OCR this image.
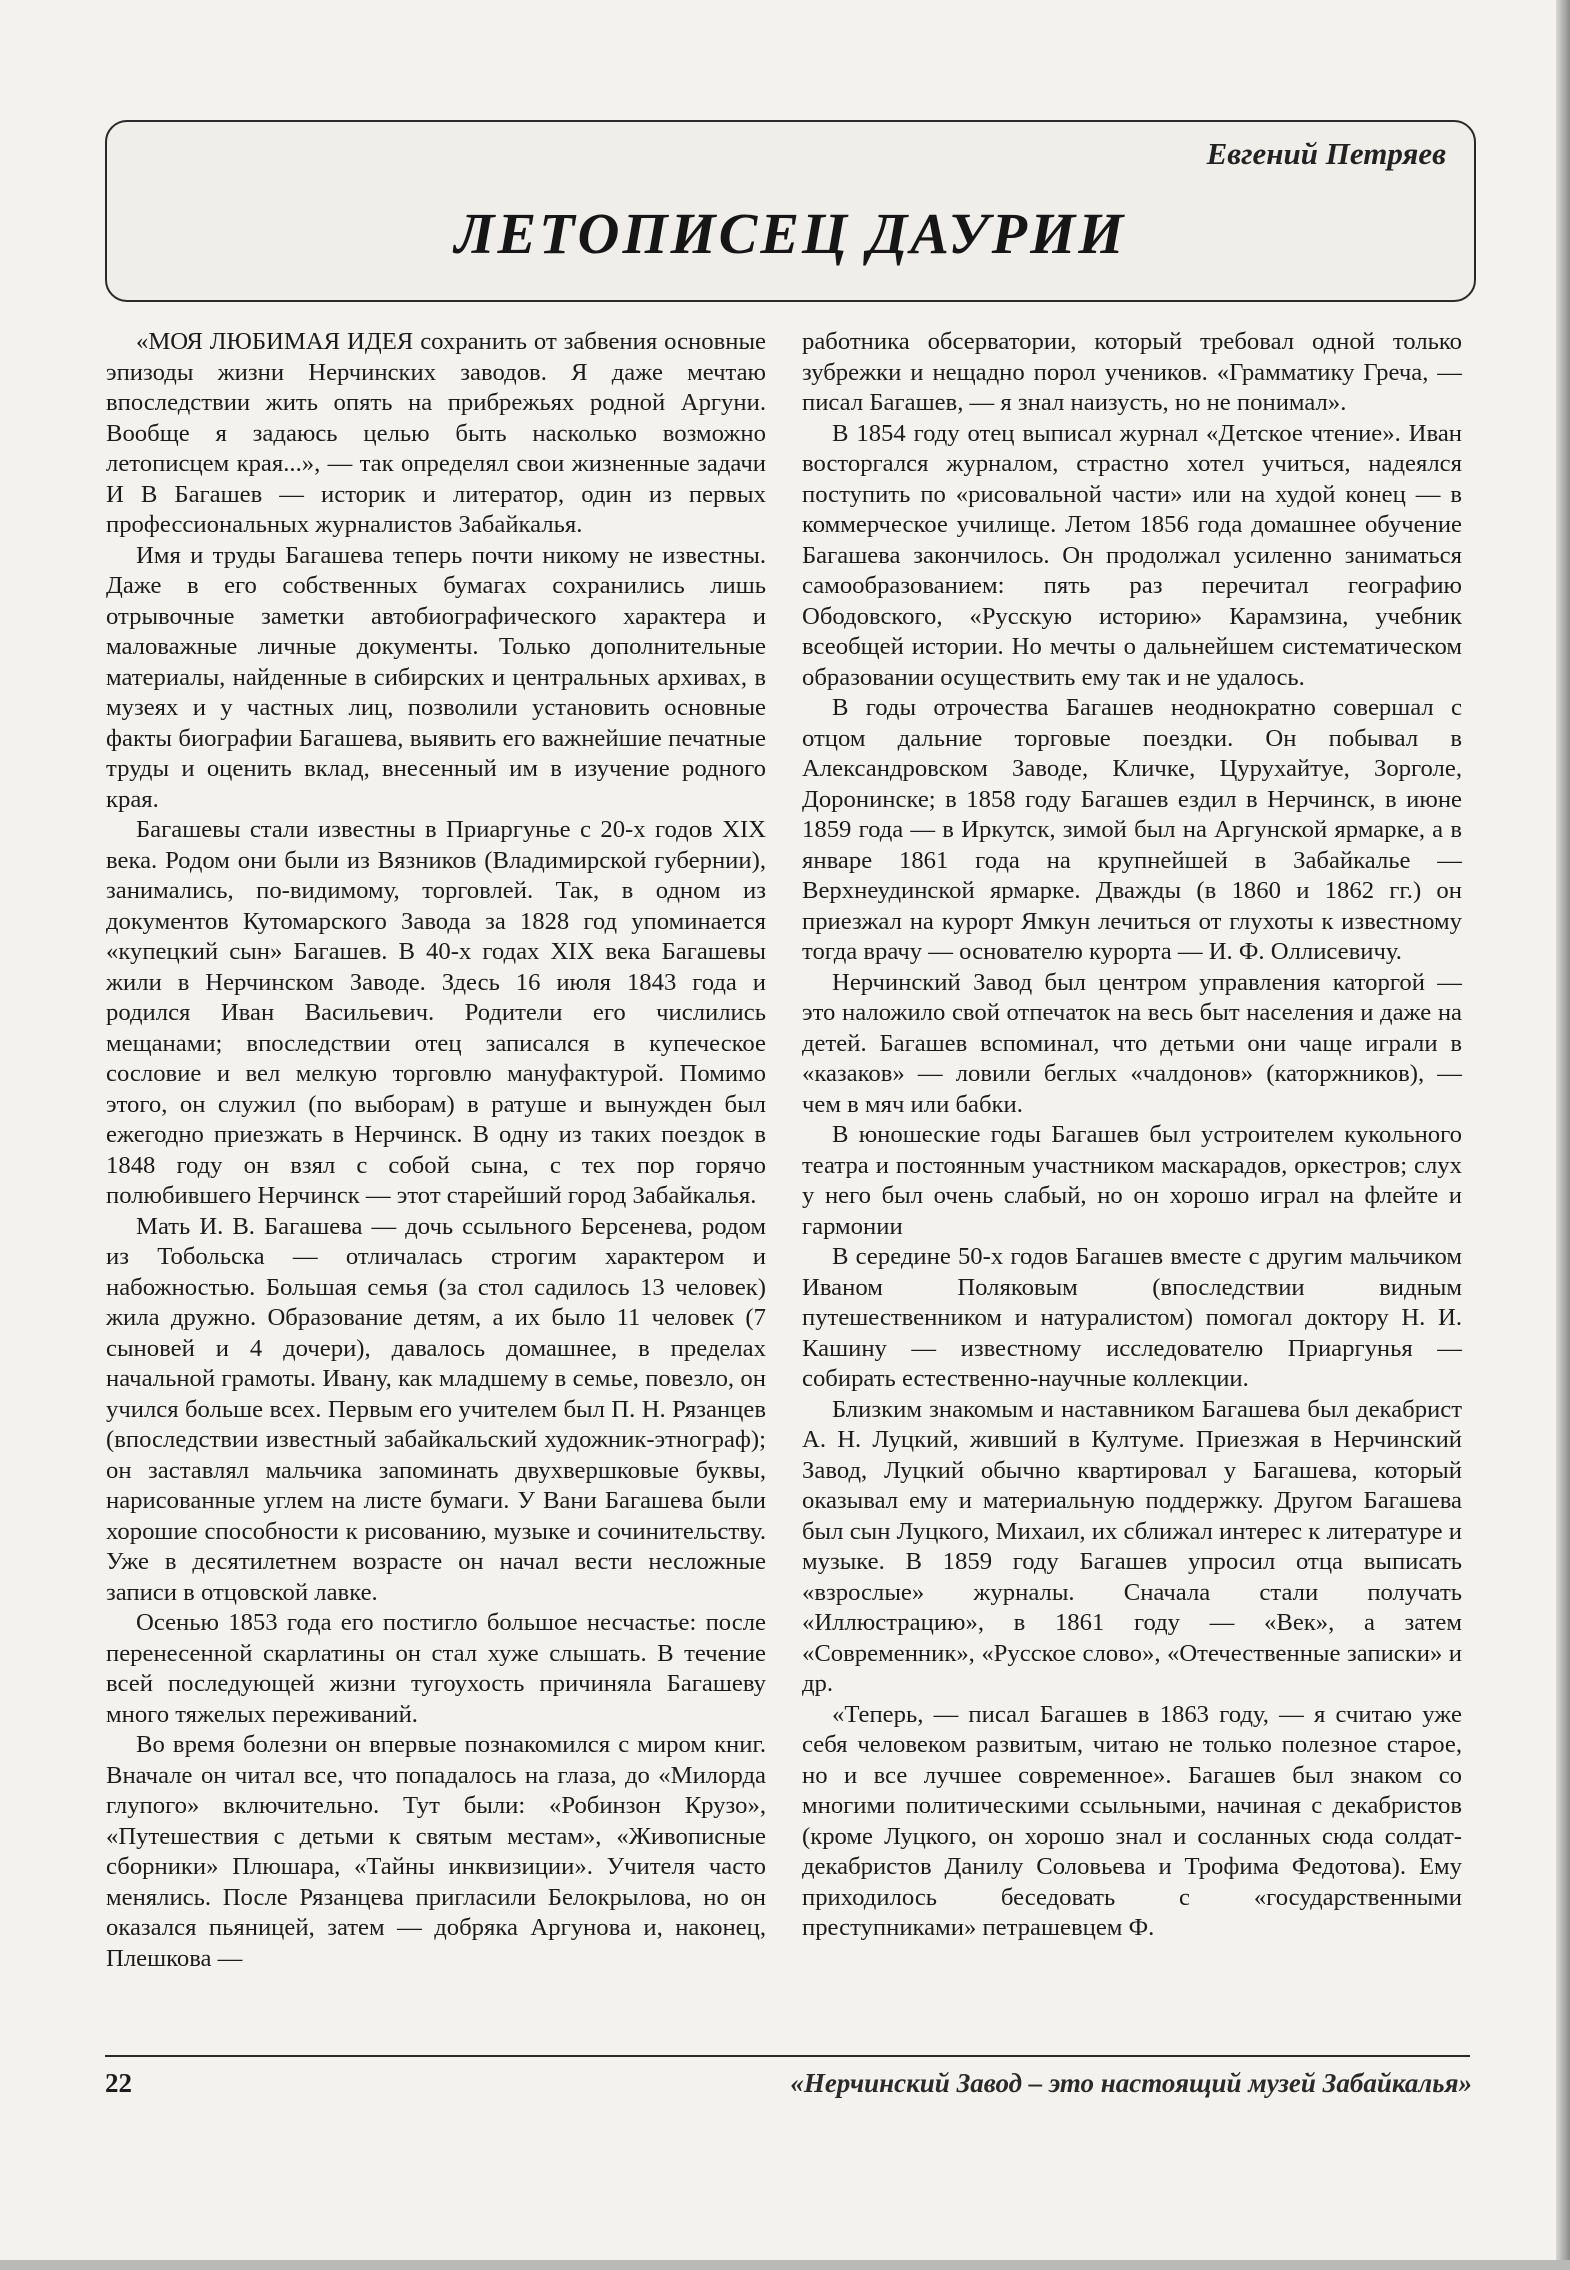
Евгений Петряев
ЛЕТОПИСЕЦ ДАУРИИ

«МОЯ ЛЮБИМАЯ ИДЕЯ сохранить от забвения основные эпизоды жизни Нерчинских заводов. Я даже мечтаю впоследствии жить опять на прибрежьях родной Аргуни. Вообще я задаюсь целью быть насколько возможно летописцем края...», — так определял свои жизненные задачи И В Багашев — историк и литератор, один из первых профессиональных журналистов Забайкалья.

Имя и труды Багашева теперь почти никому не известны. Даже в его собственных бумагах сохранились лишь отрывочные заметки автобиографического характера и маловажные личные документы. Только дополнительные материалы, найденные в сибирских и центральных архивах, в музеях и у частных лиц, позволили установить основные факты биографии Багашева, выявить его важнейшие печатные труды и оценить вклад, внесенный им в изучение родного края.

Багашевы стали известны в Приаргунье с 20-х годов XIX века. Родом они были из Вязников (Владимирской губернии), занимались, по-видимому, торговлей. Так, в одном из документов Кутомарского Завода за 1828 год упоминается «купецкий сын» Багашев. В 40-х годах XIX века Багашевы жили в Нерчинском Заводе. Здесь 16 июля 1843 года и родился Иван Васильевич. Родители его числились мещанами; впоследствии отец записался в купеческое сословие и вел мелкую торговлю мануфактурой. Помимо этого, он служил (по выборам) в ратуше и вынужден был ежегодно приезжать в Нерчинск. В одну из таких поездок в 1848 году он взял с собой сына, с тех пор горячо полюбившего Нерчинск — этот старейший город Забайкалья.

Мать И. В. Багашева — дочь ссыльного Берсенева, родом из Тобольска — отличалась строгим характером и набожностью. Большая семья (за стол садилось 13 человек) жила дружно. Образование детям, а их было 11 человек (7 сыновей и 4 дочери), давалось домашнее, в пределах начальной грамоты. Ивану, как младшему в семье, повезло, он учился больше всех. Первым его учителем был П. Н. Рязанцев (впоследствии известный забайкальский художник-этнограф); он заставлял мальчика запоминать двухвершковые буквы, нарисованные углем на листе бумаги. У Вани Багашева были хорошие способности к рисованию, музыке и сочинительству. Уже в десятилетнем возрасте он начал вести несложные записи в отцовской лавке.

Осенью 1853 года его постигло большое несчастье: после перенесенной скарлатины он стал хуже слышать. В течение всей последующей жизни тугоухость причиняла Багашеву много тяжелых переживаний.

Во время болезни он впервые познакомился с миром книг. Вначале он читал все, что попадалось на глаза, до «Милорда глупого» включительно. Тут были: «Робинзон Крузо», «Путешествия с детьми к святым местам», «Живописные сборники» Плюшара, «Тайны инквизиции». Учителя часто менялись. После Рязанцева пригласили Белокрылова, но он оказался пьяницей, затем — добряка Аргунова и, наконец, Плешкова —

работника обсерватории, который требовал одной только зубрежки и нещадно порол учеников. «Грамматику Греча, — писал Багашев, — я знал наизусть, но не понимал».

В 1854 году отец выписал журнал «Детское чтение». Иван восторгался журналом, страстно хотел учиться, надеялся поступить по «рисовальной части» или на худой конец — в коммерческое училище. Летом 1856 года домашнее обучение Багашева закончилось. Он продолжал усиленно заниматься самообразованием: пять раз перечитал географию Ободовского, «Русскую историю» Карамзина, учебник всеобщей истории. Но мечты о дальнейшем систематическом образовании осуществить ему так и не удалось.

В годы отрочества Багашев неоднократно совершал с отцом дальние торговые поездки. Он побывал в Александровском Заводе, Кличке, Цурухайтуе, Зорголе, Доронинске; в 1858 году Багашев ездил в Нерчинск, в июне 1859 года — в Иркутск, зимой был на Аргунской ярмарке, а в январе 1861 года на крупнейшей в Забайкалье — Верхнеудинской ярмарке. Дважды (в 1860 и 1862 гг.) он приезжал на курорт Ямкун лечиться от глухоты к известному тогда врачу — основателю курорта — И. Ф. Оллисевичу.

Нерчинский Завод был центром управления каторгой — это наложило свой отпечаток на весь быт населения и даже на детей. Багашев вспоминал, что детьми они чаще играли в «казаков» — ловили беглых «чалдонов» (каторжников), — чем в мяч или бабки.

В юношеские годы Багашев был устроителем кукольного театра и постоянным участником маскарадов, оркестров; слух у него был очень слабый, но он хорошо играл на флейте и гармонии

В середине 50-х годов Багашев вместе с другим мальчиком Иваном Поляковым (впоследствии видным путешественником и натуралистом) помогал доктору Н. И. Кашину — известному исследователю Приаргунья — собирать естественно-научные коллекции.

Близким знакомым и наставником Багашева был декабрист А. Н. Луцкий, живший в Култуме. Приезжая в Нерчинский Завод, Луцкий обычно квартировал у Багашева, который оказывал ему и материальную поддержку. Другом Багашева был сын Луцкого, Михаил, их сближал интерес к литературе и музыке. В 1859 году Багашев упросил отца выписать «взрослые» журналы. Сначала стали получать «Иллюстрацию», в 1861 году — «Век», а затем «Современник», «Русское слово», «Отечественные записки» и др.

«Теперь, — писал Багашев в 1863 году, — я считаю уже себя человеком развитым, читаю не только полезное старое, но и все лучшее современное». Багашев был знаком со многими политическими ссыльными, начиная с декабристов (кроме Луцкого, он хорошо знал и сосланных сюда солдат-декабристов Данилу Соловьева и Трофима Федотова). Ему приходилось беседовать с «государственными преступниками» петрашевцем Ф.

22	«Нерчинский Завод – это настоящий музей Забайкалья»
